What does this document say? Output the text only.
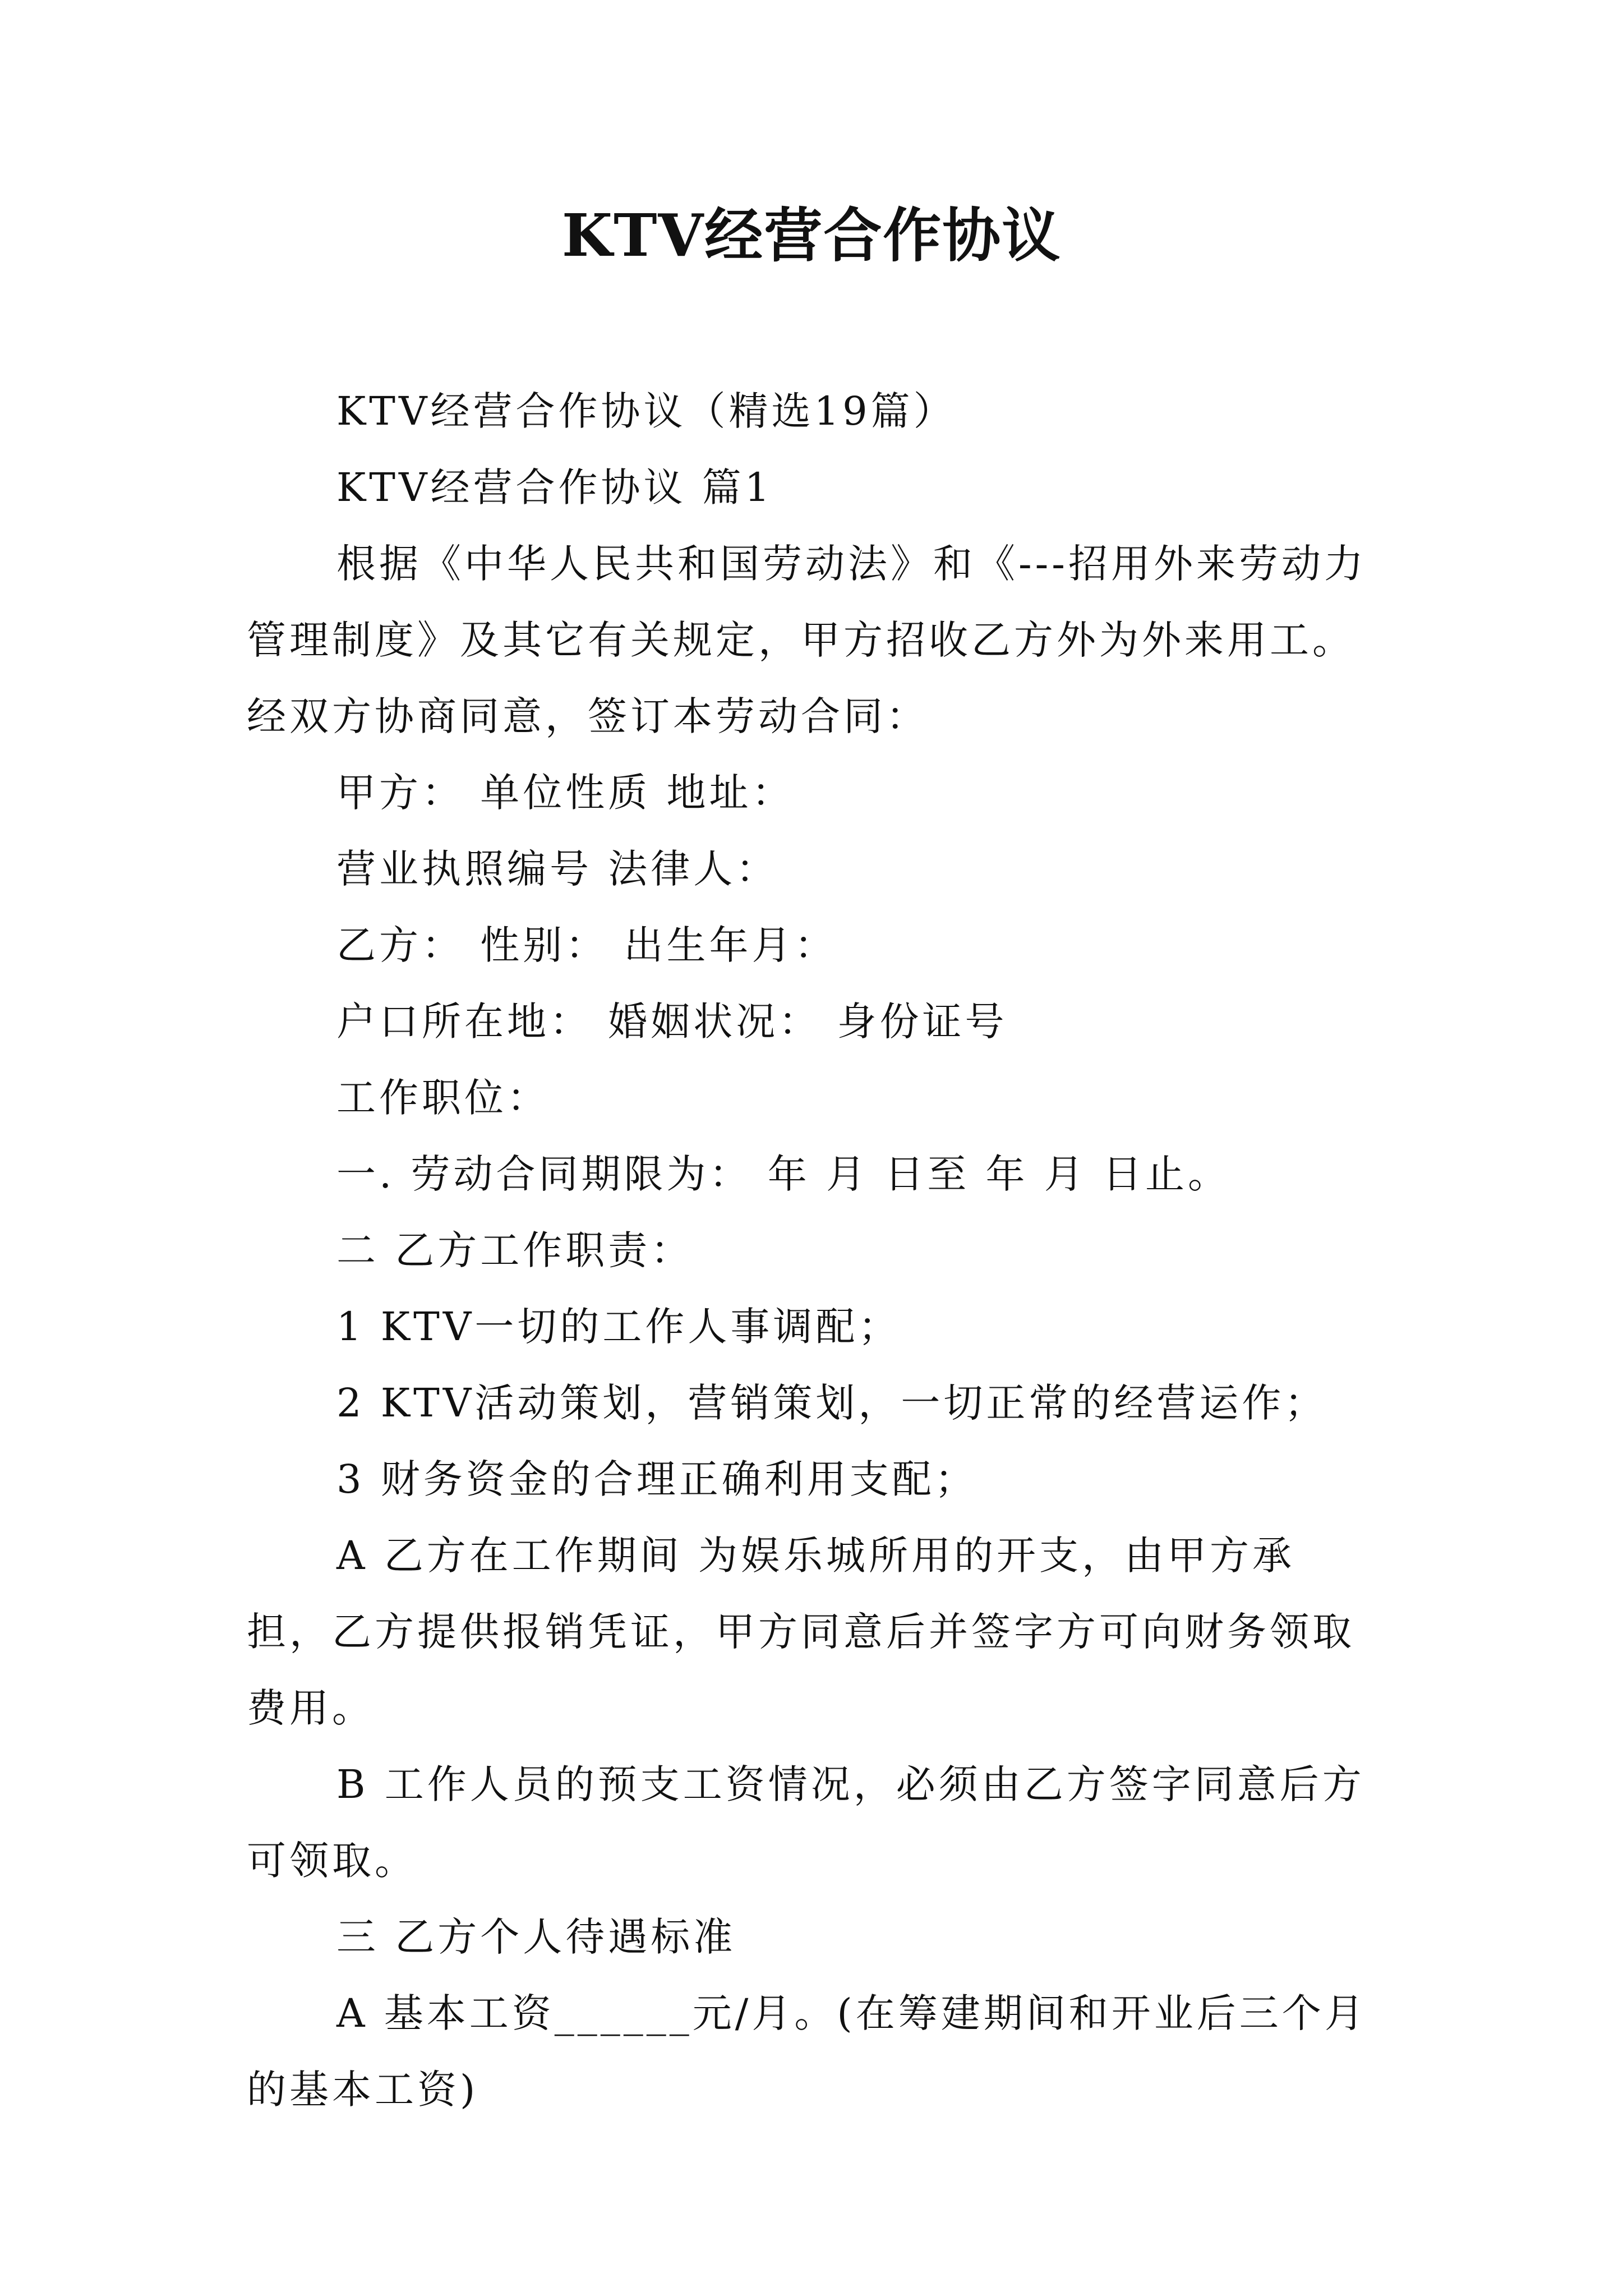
KTV经营合作协议

KTV经营合作协议（精选19篇）

KTV经营合作协议 篇1

根据《中华人民共和国劳动法》和《---招用外来劳动力管理制度》及其它有关规定，甲方招收乙方外为外来用工。经双方协商同意，签订本劳动合同：

甲方： 单位性质 地址：

营业执照编号 法律人：

乙方： 性别： 出生年月：

户口所在地： 婚姻状况： 身份证号

工作职位：

一. 劳动合同期限为： 年 月 日至 年 月 日止。

二 乙方工作职责：

1 KTV一切的工作人事调配；

2 KTV活动策划，营销策划，一切正常的经营运作；

3 财务资金的合理正确利用支配；

A 乙方在工作期间 为娱乐城所用的开支，由甲方承担，乙方提供报销凭证，甲方同意后并签字方可向财务领取费用。

B 工作人员的预支工资情况，必须由乙方签字同意后方可领取。

三 乙方个人待遇标准

A 基本工资______元/月。(在筹建期间和开业后三个月的基本工资)
